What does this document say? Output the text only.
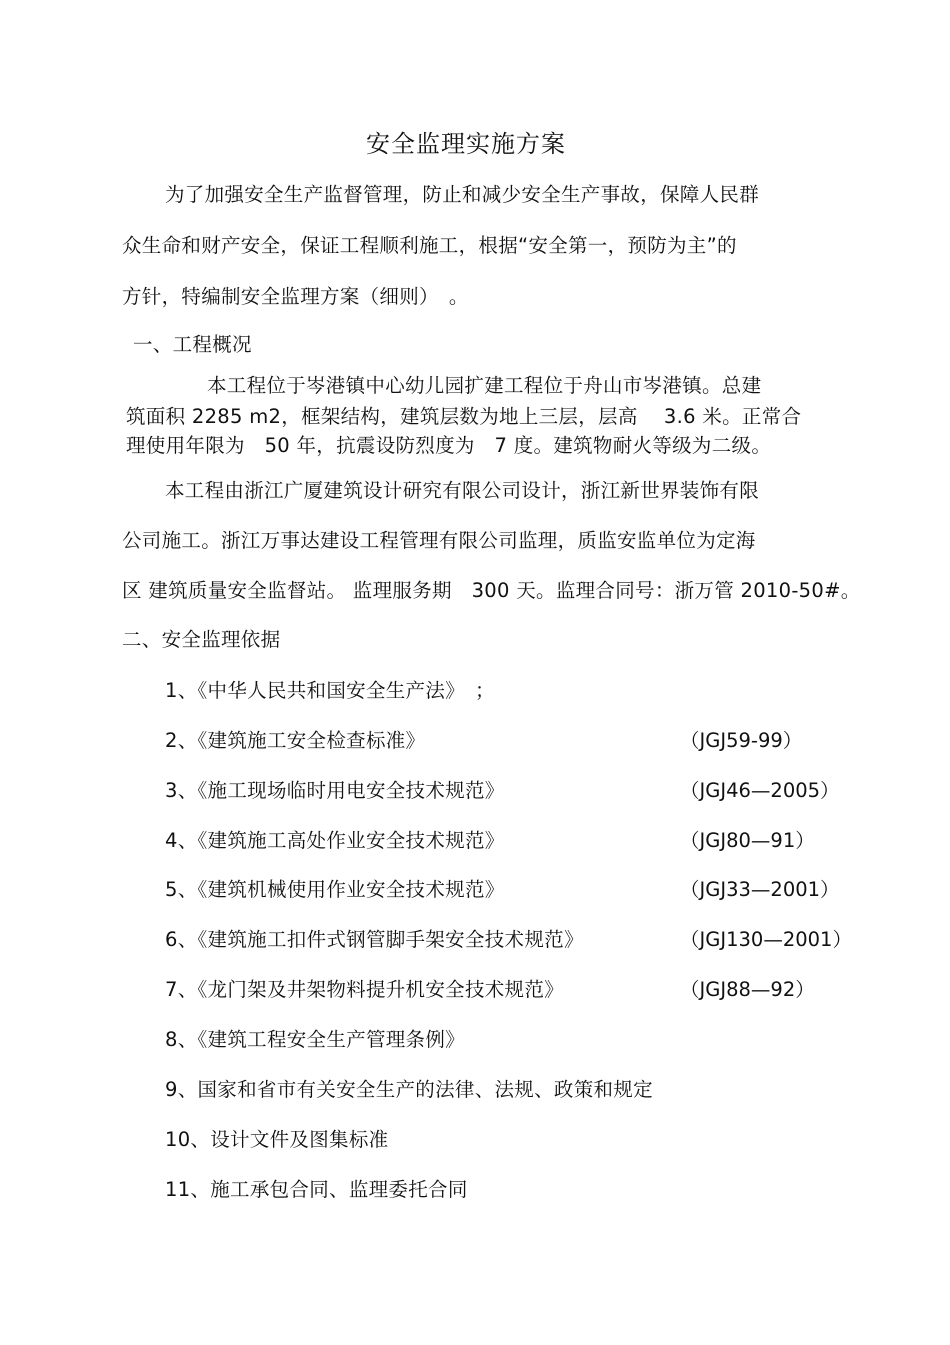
安全监理实施方案
为了加强安全生产监督管理，防止和减少安全生产事故，保障人民群
众生命和财产安全，保证工程顺利施工，根据“安全第一，预防为主”的
方针，特编制安全监理方案（细则）　。
一、工程概况
本工程位于岑港镇中心幼儿园扩建工程位于舟山市岑港镇。总建
筑面积 2285 m2，框架结构，建筑层数为地上三层，层高　 3.6 米。正常合
理使用年限为　50 年，抗震设防烈度为　7 度。建筑物耐火等级为二级。
本工程由浙江广厦建筑设计研究有限公司设计，浙江新世界装饰有限
公司施工。浙江万事达建设工程管理有限公司监理，质监安监单位为定海
区 建筑质量安全监督站。 监理服务期　300 天。监理合同号：浙万管 2010-50#。
二、安全监理依据
1、《中华人民共和国安全生产法》　；
2、《建筑施工安全检查标准》	（JGJ59-99）
3、《施工现场临时用电安全技术规范》	（JGJ46—2005）
4、《建筑施工高处作业安全技术规范》	（JGJ80—91）
5、《建筑机械使用作业安全技术规范》	（JGJ33—2001）
6、《建筑施工扣件式钢管脚手架安全技术规范》	（JGJ130—2001）
7、《龙门架及井架物料提升机安全技术规范》	（JGJ88—92）
8、《建筑工程安全生产管理条例》
9、国家和省市有关安全生产的法律、法规、政策和规定
10、设计文件及图集标准
11、施工承包合同、监理委托合同
